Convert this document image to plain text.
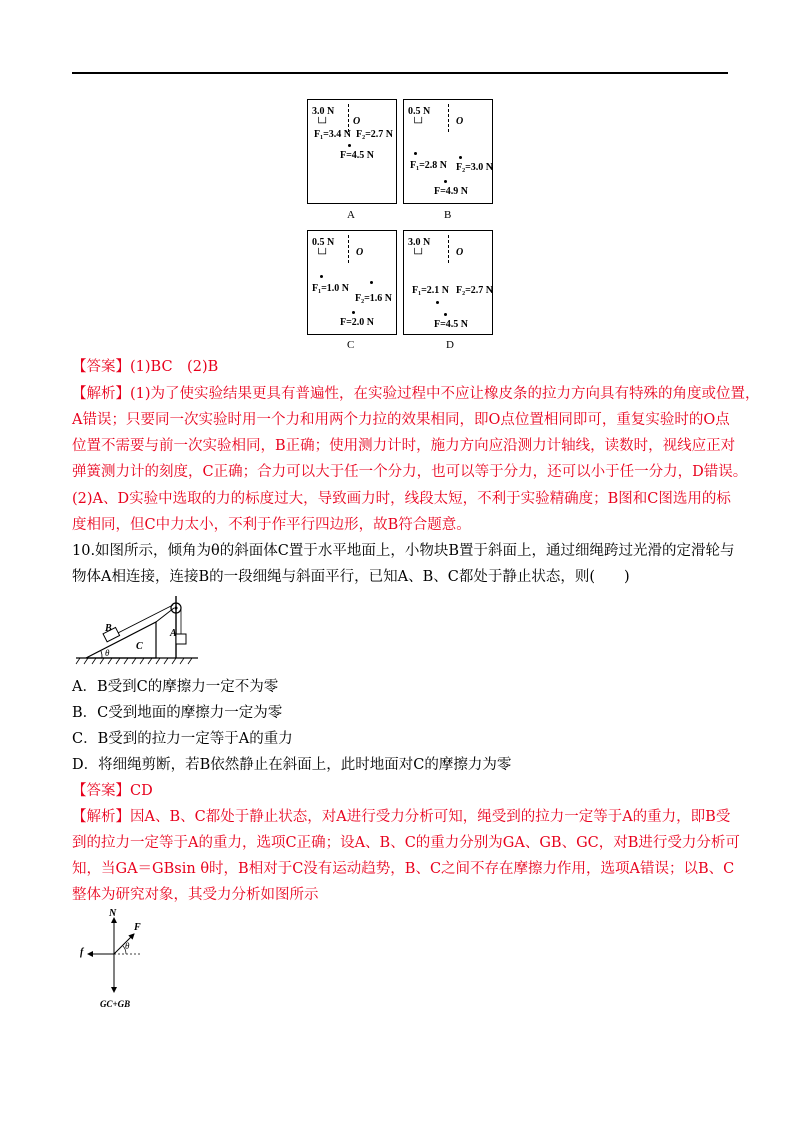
3.0 N
└┘ O
F₁=3.4 N F₂=2.7 N
F=4.5 N
A
0.5 N
└┘	O
F₁=2.8 N F₂=3.0 N
F=4.9 N
B
0.5 N
└┘	O
F₁=1.0 N
F₂=1.6 N
F=2.0 N
C
3.0 N
└┘	O
F₁=2.1 N F₂=2.7 N
F=4.5 N
D
【答案】(1)BC　(2)B
【解析】(1)为了使实验结果更具有普遍性，在实验过程中不应让橡皮条的拉力方向具有特殊的角度或位置，
A错误；只要同一次实验时用一个力和用两个力拉的效果相同，即O点位置相同即可，重复实验时的O点
位置不需要与前一次实验相同，B正确；使用测力计时，施力方向应沿测力计轴线，读数时，视线应正对
弹簧测力计的刻度，C正确；合力可以大于任一个分力，也可以等于分力，还可以小于任一分力，D错误。
(2)A、D实验中选取的力的标度过大，导致画力时，线段太短，不利于实验精确度；B图和C图选用的标
度相同，但C中力太小，不利于作平行四边形，故B符合题意。
10.如图所示，倾角为θ的斜面体C置于水平地面上，小物块B置于斜面上，通过细绳跨过光滑的定滑轮与
物体A相连接，连接B的一段细绳与斜面平行，已知A、B、C都处于静止状态，则(　　)
B
C
A
θ
A．B受到C的摩擦力一定不为零
B．C受到地面的摩擦力一定为零
C．B受到的拉力一定等于A的重力
D．将细绳剪断，若B依然静止在斜面上，此时地面对C的摩擦力为零
【答案】CD
【解析】因A、B、C都处于静止状态，对A进行受力分析可知，绳受到的拉力一定等于A的重力，即B受
到的拉力一定等于A的重力，选项C正确；设A、B、C的重力分别为GA、GB、GC，对B进行受力分析可
知，当GA＝GBsin θ时，B相对于C没有运动趋势，B、C之间不存在摩擦力作用，选项A错误；以B、C
整体为研究对象，其受力分析如图所示
N
F
f
θ
GC+GB
